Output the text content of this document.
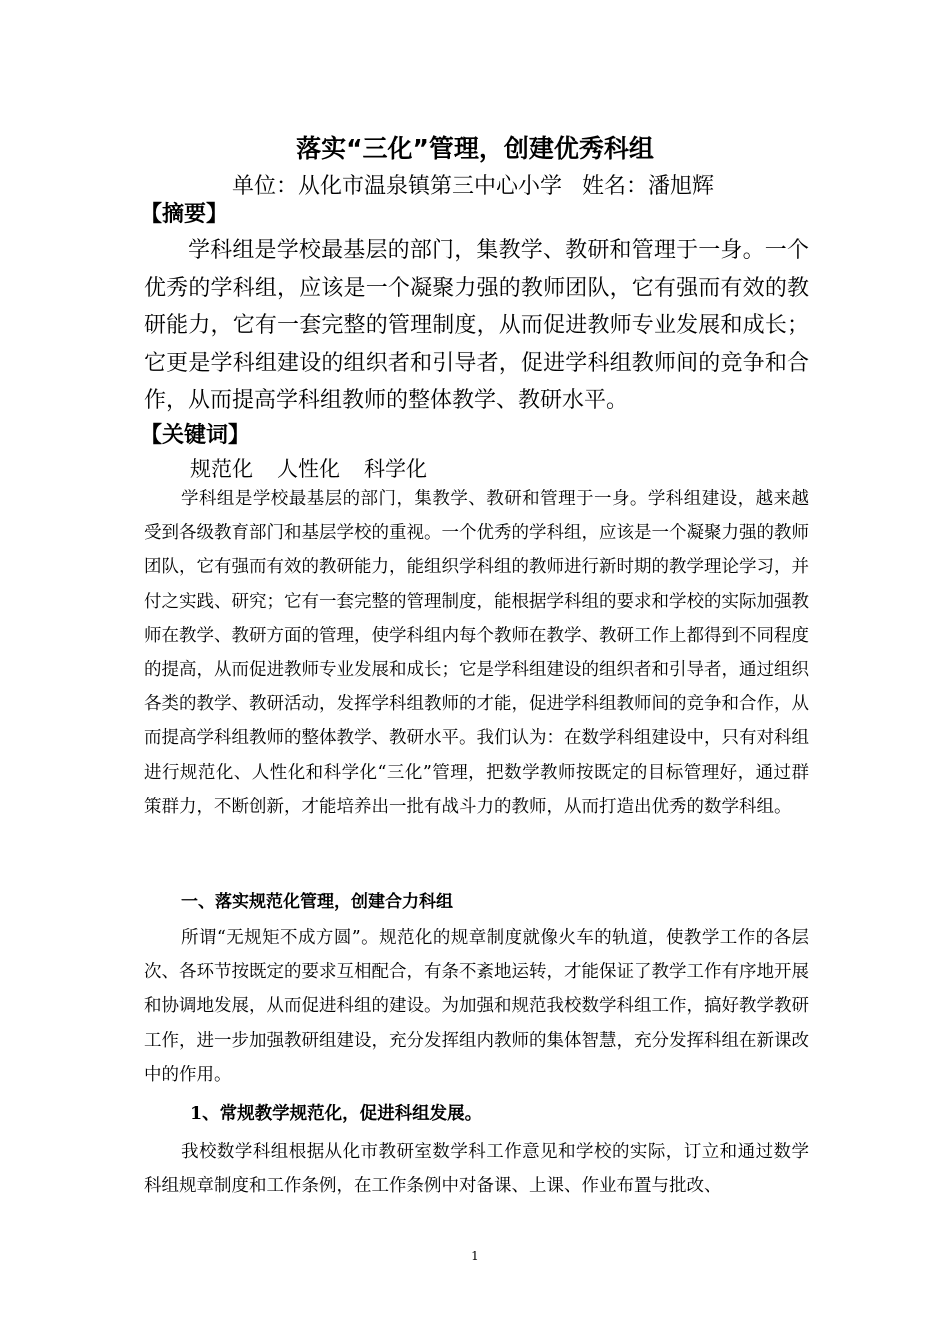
落实“三化”管理，创建优秀科组
单位：从化市温泉镇第三中心小学 姓名：潘旭辉
【摘要】

学科组是学校最基层的部门，集教学、教研和管理于一身。一个优秀的学科组，应该是一个凝聚力强的教师团队，它有强而有效的教研能力，它有一套完整的管理制度，从而促进教师专业发展和成长；它更是学科组建设的组织者和引导者，促进学科组教师间的竞争和合作，从而提高学科组教师的整体教学、教研水平。

【关键词】

规范化 人性化 科学化

学科组是学校最基层的部门，集教学、教研和管理于一身。学科组建设，越来越受到各级教育部门和基层学校的重视。一个优秀的学科组，应该是一个凝聚力强的教师团队，它有强而有效的教研能力，能组织学科组的教师进行新时期的教学理论学习，并付之实践、研究；它有一套完整的管理制度，能根据学科组的要求和学校的实际加强教师在教学、教研方面的管理，使学科组内每个教师在教学、教研工作上都得到不同程度的提高，从而促进教师专业发展和成长；它是学科组建设的组织者和引导者，通过组织各类的教学、教研活动，发挥学科组教师的才能，促进学科组教师间的竞争和合作，从而提高学科组教师的整体教学、教研水平。我们认为：在数学科组建设中，只有对科组进行规范化、人性化和科学化“三化”管理，把数学教师按既定的目标管理好，通过群策群力，不断创新，才能培养出一批有战斗力的教师，从而打造出优秀的数学科组。

一、落实规范化管理，创建合力科组

所谓“无规矩不成方圆”。规范化的规章制度就像火车的轨道，使教学工作的各层次、各环节按既定的要求互相配合，有条不紊地运转，才能保证了教学工作有序地开展和协调地发展，从而促进科组的建设。为加强和规范我校数学科组工作，搞好教学教研工作，进一步加强教研组建设，充分发挥组内教师的集体智慧，充分发挥科组在新课改中的作用。

1、常规教学规范化，促进科组发展。

我校数学科组根据从化市教研室数学科工作意见和学校的实际，订立和通过数学科组规章制度和工作条例，在工作条例中对备课、上课、作业布置与批改、

1
